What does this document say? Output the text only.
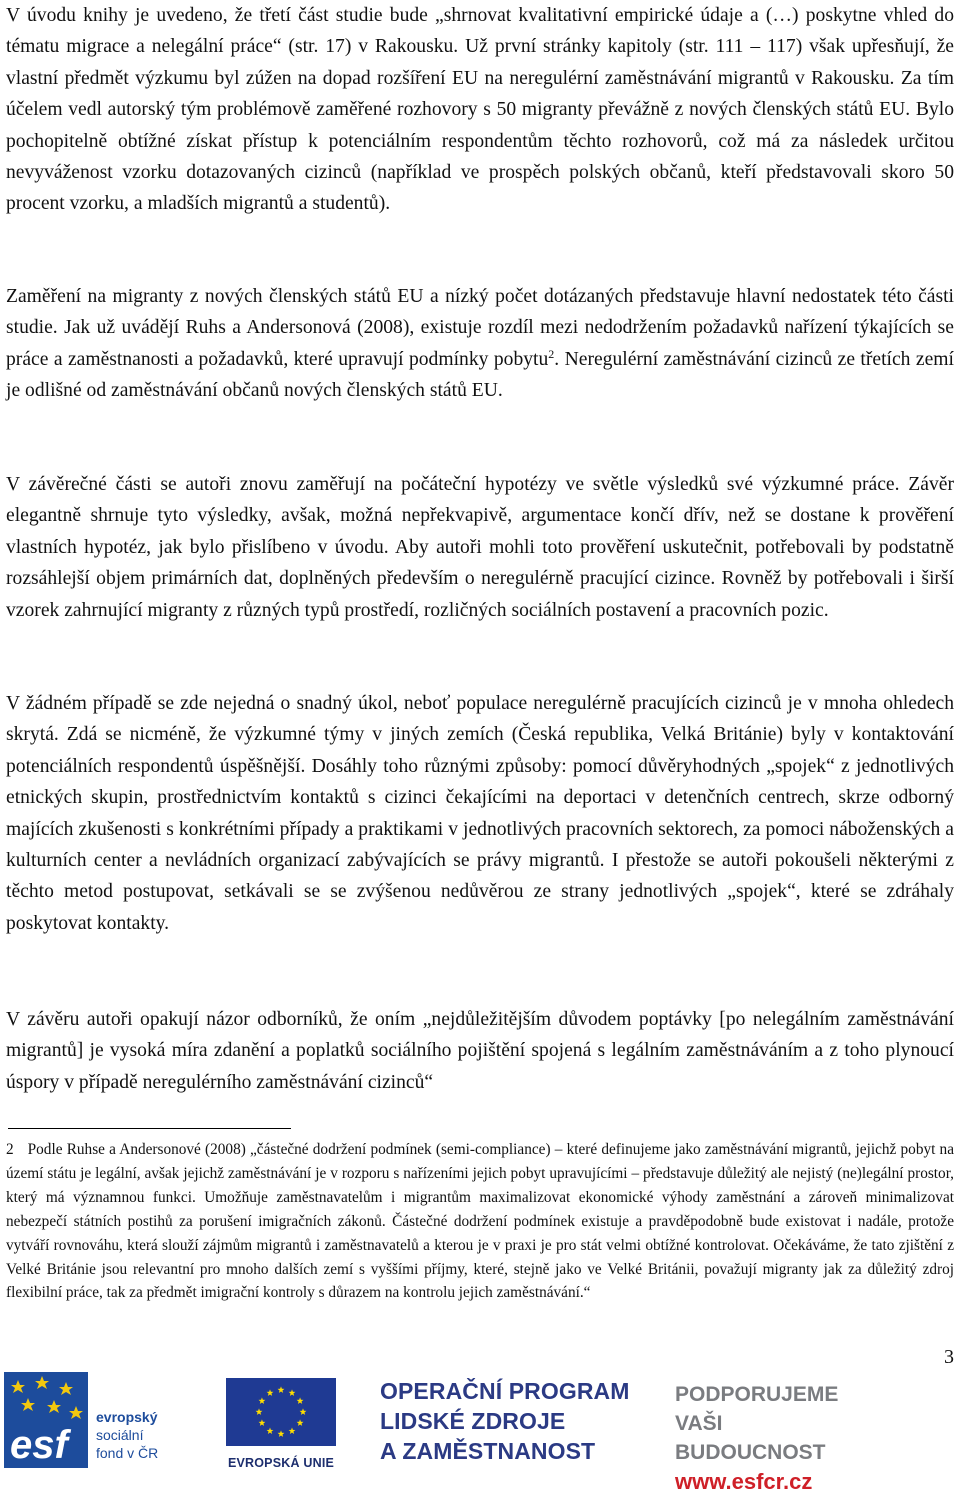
V úvodu knihy je uvedeno, že třetí část studie bude „shrnovat kvalitativní empirické údaje a (…) poskytne vhled do tématu migrace a nelegální práce“ (str. 17) v Rakousku. Už první stránky kapitoly (str. 111 – 117) však upřesňují, že vlastní předmět výzkumu byl zúžen na dopad rozšíření EU na neregulérní zaměstnávání migrantů v Rakousku. Za tím účelem vedl autorský tým problémově zaměřené rozhovory s 50 migranty převážně z nových členských států EU. Bylo pochopitelně obtížné získat přístup k potenciálním respondentům těchto rozhovorů, což má za následek určitou nevyváženost vzorku dotazovaných cizinců (například ve prospěch polských občanů, kteří představovali skoro 50 procent vzorku, a mladších migrantů a studentů).

Zaměření na migranty z nových členských států EU a nízký počet dotázaných představuje hlavní nedostatek této části studie. Jak už uvádějí Ruhs a Andersonová (2008), existuje rozdíl mezi nedodržením požadavků nařízení týkajících se práce a zaměstnanosti a požadavků, které upravují podmínky pobytu$^2$. Neregulérní zaměstnávání cizinců ze třetích zemí je odlišné od zaměstnávání občanů nových členských států EU.

V závěrečné části se autoři znovu zaměřují na počáteční hypotézy ve světle výsledků své výzkumné práce. Závěr elegantně shrnuje tyto výsledky, avšak, možná nepřekvapivě, argumentace končí dřív, než se dostane k prověření vlastních hypotéz, jak bylo přislíbeno v úvodu. Aby autoři mohli toto prověření uskutečnit, potřebovali by podstatně rozsáhlejší objem primárních dat, doplněných především o neregulérně pracující cizince. Rovněž by potřebovali i širší vzorek zahrnující migranty z různých typů prostředí, rozličných sociálních postavení a pracovních pozic.

V žádném případě se zde nejedná o snadný úkol, neboť populace neregulérně pracujících cizinců je v mnoha ohledech skrytá. Zdá se nicméně, že výzkumné týmy v jiných zemích (Česká republika, Velká Británie) byly v kontaktování potenciálních respondentů úspěšnější. Dosáhly toho různými způsoby: pomocí důvěryhodných „spojek“ z jednotlivých etnických skupin, prostřednictvím kontaktů s cizinci čekajícími na deportaci v detenčních centrech, skrze odborný majících zkušenosti s konkrétními případy a praktikami v jednotlivých pracovních sektorech, za pomoci náboženských a kulturních center a nevládních organizací zabývajících se právy migrantů. I přestože se autoři pokoušeli některými z těchto metod postupovat, setkávali se se zvýšenou nedůvěrou ze strany jednotlivých „spojek“, které se zdráhaly poskytovat kontakty.

V závěru autoři opakují názor odborníků, že oním „nejdůležitějším důvodem poptávky [po nelegálním zaměstnávání migrantů] je vysoká míra zdanění a poplatků sociálního pojištění spojená s legálním zaměstnáváním a z toho plynoucí úspory v případě neregulérního zaměstnávání cizinců“

2 Podle Ruhse a Andersonové (2008) „částečné dodržení podmínek (semi-compliance) – které definujeme jako zaměstnávání migrantů, jejichž pobyt na území státu je legální, avšak jejichž zaměstnávání je v rozporu s nařízeními jejich pobyt upravujícími – představuje důležitý ale nejistý (ne)legální prostor, který má významnou funkci. Umožňuje zaměstnavatelům i migrantům maximalizovat ekonomické výhody zaměstnání a zároveň minimalizovat nebezpečí státních postihů za porušení imigračních zákonů. Částečné dodržení podmínek existuje a pravděpodobně bude existovat i nadále, protože vytváří rovnováhu, která slouží zájmům migrantů i zaměstnavatelů a kterou je v praxi je pro stát velmi obtížné kontrolovat. Očekáváme, že tato zjištění z Velké Británie jsou relevantní pro mnoho dalších zemí s vyššími příjmy, které, stejně jako ve Velké Británii, považují migranty jak za důležitý zdroj flexibilní práce, tak za předmět imigrační kontroly s důrazem na kontrolu jejich zaměstnávání.“

3
esf
evropský
sociální
fond v ČR
EVROPSKÁ UNIE
OPERAČNÍ PROGRAM
LIDSKÉ ZDROJE
A ZAMĚSTNANOST
PODPORUJEME
VAŠI BUDOUCNOST
www.esfcr.cz
